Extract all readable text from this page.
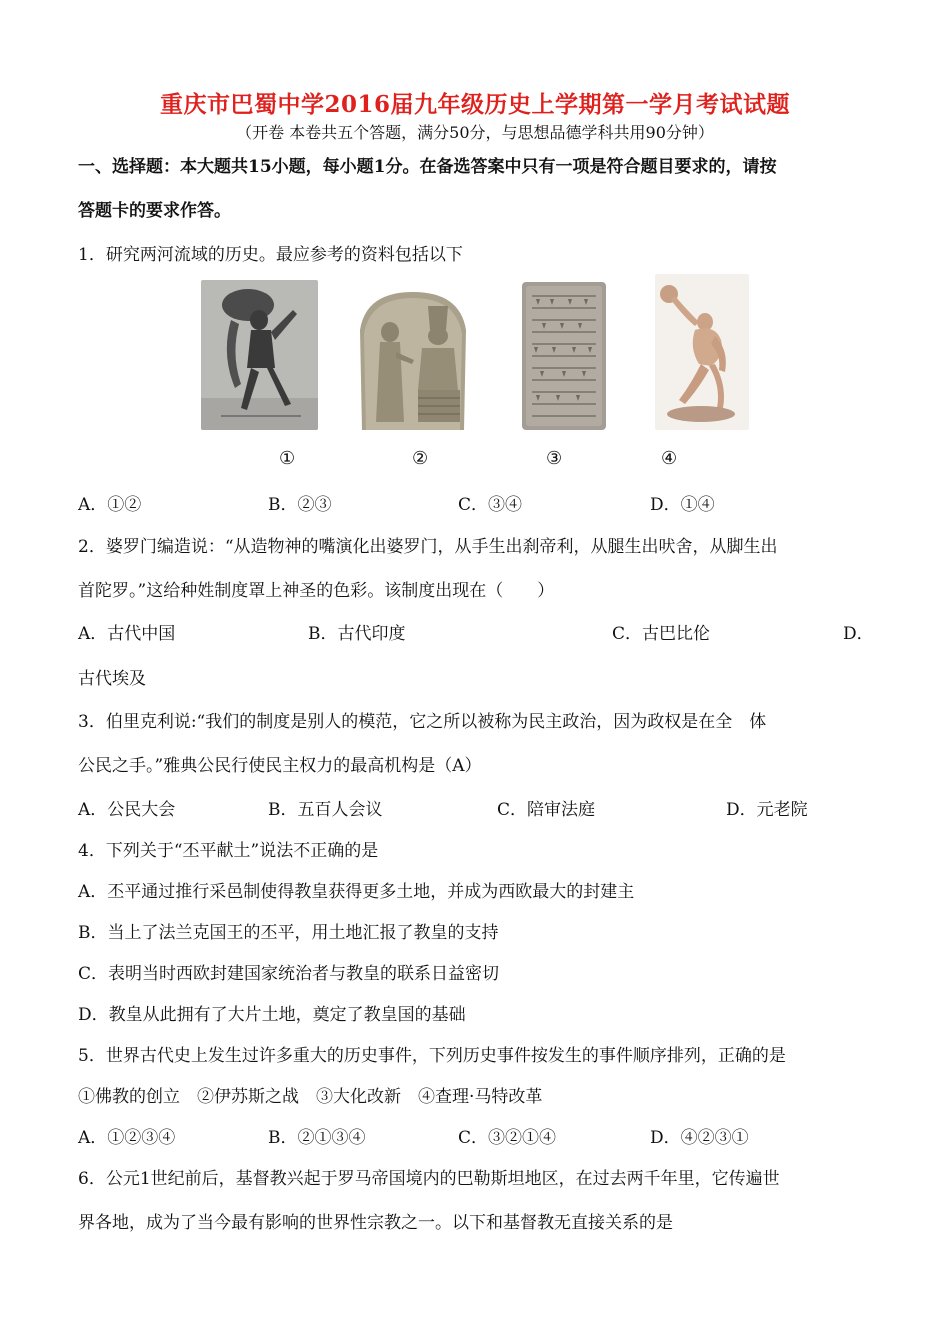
重庆市巴蜀中学2016届九年级历史上学期第一学月考试试题
（开卷 本卷共五个答题，满分50分，与思想品德学科共用90分钟）
一、选择题：本大题共15小题，每小题1分。在备选答案中只有一项是符合题目要求的，请按
答题卡的要求作答。
1．研究两河流域的历史。最应参考的资料包括以下
①	②	③	④
A．①②	B．②③	C．③④	D．①④
2．婆罗门编造说：“从造物神的嘴演化出婆罗门，从手生出刹帝利，从腿生出吠舍，从脚生出
首陀罗。”这给种姓制度罩上神圣的色彩。该制度出现在（　　）
A．古代中国	B．古代印度	C．古巴比伦	D．
古代埃及
3．伯里克利说:“我们的制度是别人的模范，它之所以被称为民主政治，因为政权是在全　体
公民之手。”雅典公民行使民主权力的最高机构是（A）
A．公民大会	B．五百人会议	C．陪审法庭	D．元老院
4．下列关于“丕平献土”说法不正确的是
A．丕平通过推行采邑制使得教皇获得更多土地，并成为西欧最大的封建主
B．当上了法兰克国王的丕平，用土地汇报了教皇的支持
C．表明当时西欧封建国家统治者与教皇的联系日益密切
D．教皇从此拥有了大片土地，奠定了教皇国的基础
5．世界古代史上发生过许多重大的历史事件，下列历史事件按发生的事件顺序排列，正确的是
①佛教的创立　②伊苏斯之战　③大化改新　④查理·马特改革
A．①②③④	B．②①③④	C．③②①④	D．④②③①
6．公元1世纪前后，基督教兴起于罗马帝国境内的巴勒斯坦地区，在过去两千年里，它传遍世
界各地，成为了当今最有影响的世界性宗教之一。以下和基督教无直接关系的是
